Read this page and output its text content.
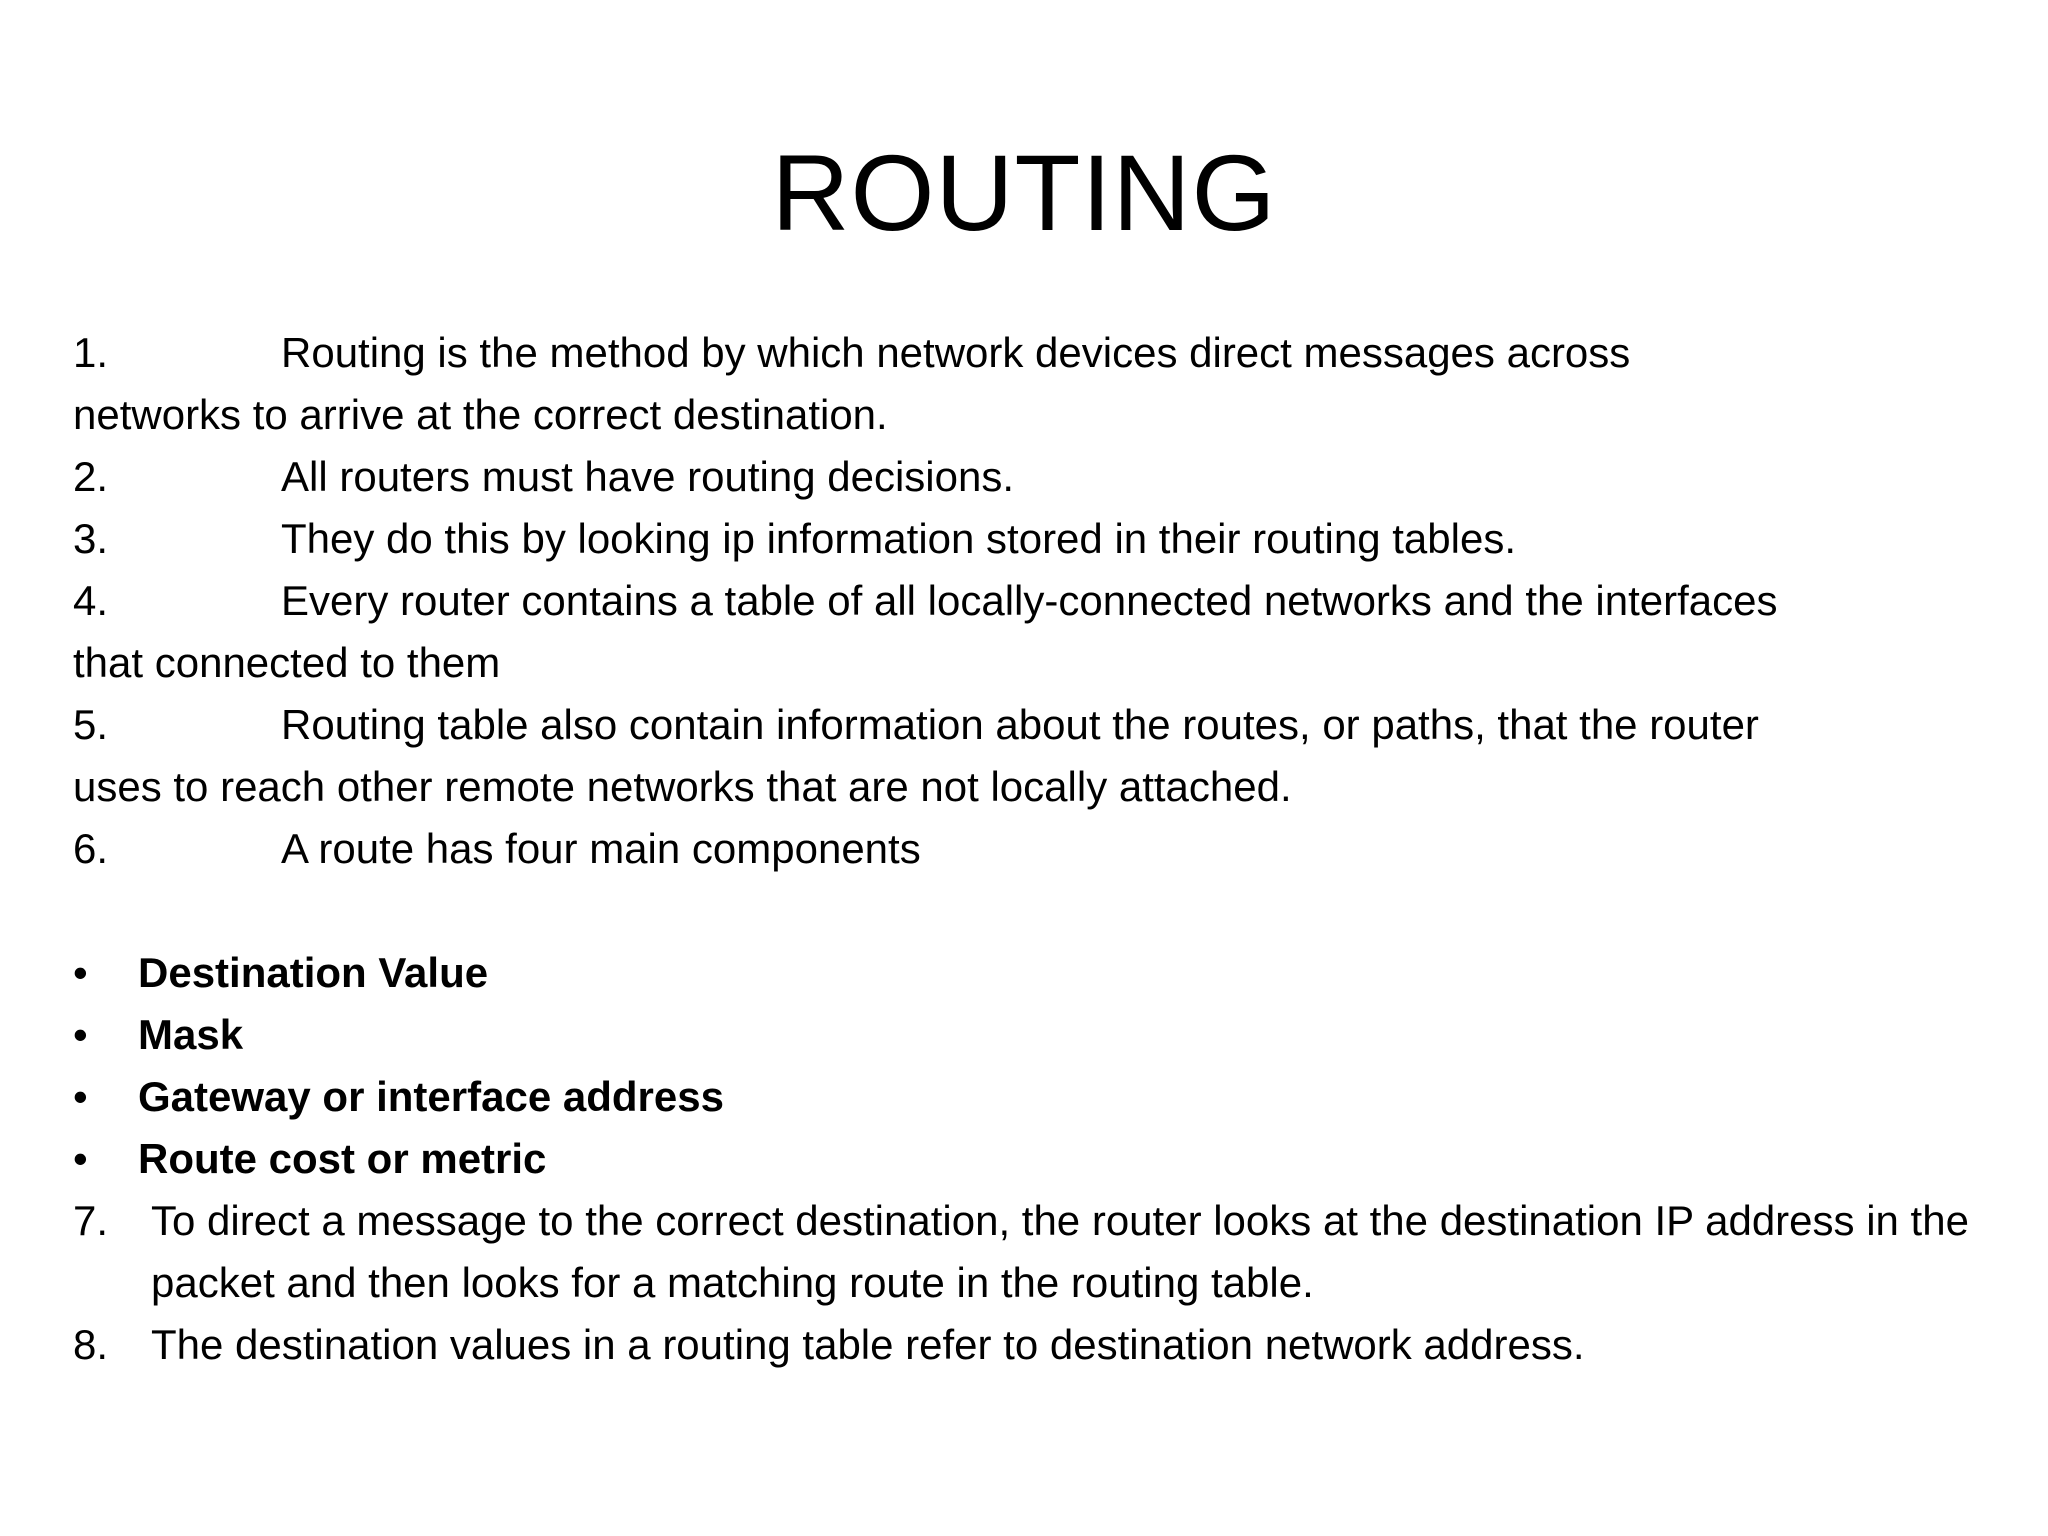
ROUTING
1.	Routing is the method by which network devices direct messages across
networks to arrive at the correct destination.
2.	All routers must have routing decisions.
3.	They do this by looking ip information stored in their routing tables.
4.	Every router contains a table of all locally-connected networks and the interfaces
that connected to them
5.	Routing table also contain information about the routes, or paths, that the router
uses to reach other remote networks that are not locally attached.
6.	A route has four main components
• Destination Value
• Mask
• Gateway or interface address
• Route cost or metric
7. To direct a message to the correct destination, the router looks at the destination IP address in the packet and then looks for a matching route in the routing table.
8. The destination values in a routing table refer to destination network address.
